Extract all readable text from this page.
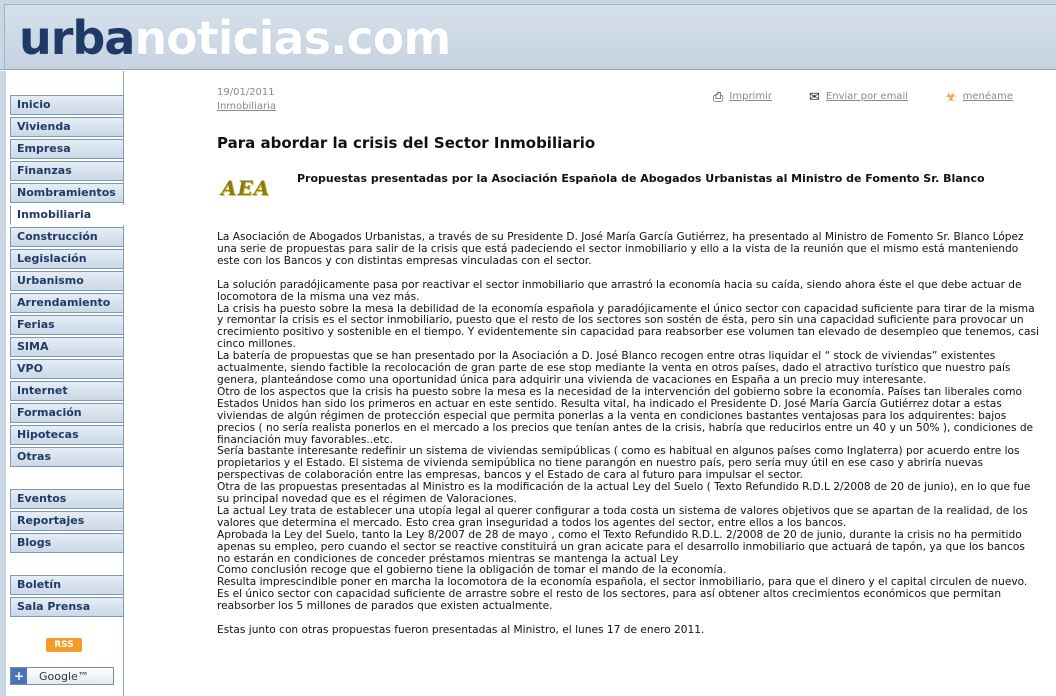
urbanoticias.com
Inicio
Vivienda
Empresa
Finanzas
Nombramientos
Inmobiliaria
Construcción
Legislación
Urbanismo
Arrendamiento
Ferias
SIMA
VPO
Internet
Formación
Hipotecas
Otras
Eventos
Reportajes
Blogs
Boletín
Sala Prensa
RSS
+ Google™
19/01/2011
Inmobiliaria
⎙ Imprimir	✉ Enviar por email	☣ menéame
Para abordar la crisis del Sector Inmobiliario
AEA	Propuestas presentadas por la Asociación Española de Abogados Urbanistas al Ministro de Fomento Sr. Blanco

La Asociación de Abogados Urbanistas, a través de su Presidente D. José María García Gutiérrez, ha presentado al Ministro de Fomento Sr. Blanco López una serie de propuestas para salir de la crisis que está padeciendo el sector inmobiliario y ello a la vista de la reunión que el mismo está manteniendo este con los Bancos y con distintas empresas vinculadas con el sector.

La solución paradójicamente pasa por reactivar el sector inmobiliario que arrastró la economía hacia su caída, siendo ahora éste el que debe actuar de locomotora de la misma una vez más.

La crisis ha puesto sobre la mesa la debilidad de la economía española y paradójicamente el único sector con capacidad suficiente para tirar de la misma y remontar la crisis es el sector inmobiliario, puesto que el resto de los sectores son sostén de ésta, pero sin una capacidad suficiente para provocar un crecimiento positivo y sostenible en el tiempo. Y evidentemente sin capacidad para reabsorber ese volumen tan elevado de desempleo que tenemos, casi cinco millones.

La batería de propuestas que se han presentado por la Asociación a D. José Blanco recogen entre otras liquidar el “ stock de viviendas” existentes actualmente, siendo factible la recolocación de gran parte de ese stop mediante la venta en otros países, dado el atractivo turístico que nuestro país genera, planteándose como una oportunidad única para adquirir una vivienda de vacaciones en España a un precio muy interesante.

Otro de los aspectos que la crisis ha puesto sobre la mesa es la necesidad de la intervención del gobierno sobre la economía. Países tan liberales como Estados Unidos han sido los primeros en actuar en este sentido. Resulta vital, ha indicado el Presidente D. José María García Gutiérrez dotar a estas viviendas de algún régimen de protección especial que permita ponerlas a la venta en condiciones bastantes ventajosas para los adquirentes: bajos precios ( no sería realista ponerlos en el mercado a los precios que tenían antes de la crisis, habría que reducirlos entre un 40 y un 50% ), condiciones de financiación muy favorables..etc.

Sería bastante interesante redefinir un sistema de viviendas semipúblicas ( como es habitual en algunos países como Inglaterra) por acuerdo entre los propietarios y el Estado. El sistema de vivienda semipública no tiene parangón en nuestro país, pero sería muy útil en ese caso y abriría nuevas perspectivas de colaboración entre las empresas, bancos y el Estado de cara al futuro para impulsar el sector.

Otra de las propuestas presentadas al Ministro es la modificación de la actual Ley del Suelo ( Texto Refundido R.D.L 2/2008 de 20 de junio), en lo que fue su principal novedad que es el régimen de Valoraciones.

La actual Ley trata de establecer una utopía legal al querer configurar a toda costa un sistema de valores objetivos que se apartan de la realidad, de los valores que determina el mercado. Esto crea gran inseguridad a todos los agentes del sector, entre ellos a los bancos.

Aprobada la Ley del Suelo, tanto la Ley 8/2007 de 28 de mayo , como el Texto Refundido R.D.L. 2/2008 de 20 de junio, durante la crisis no ha permitido apenas su empleo, pero cuando el sector se reactive constituirá un gran acicate para el desarrollo inmobiliario que actuará de tapón, ya que los bancos no estarán en condiciones de conceder préstamos mientras se mantenga la actual Ley

Como conclusión recoge que el gobierno tiene la obligación de tomar el mando de la economía.

Resulta imprescindible poner en marcha la locomotora de la economía española, el sector inmobiliario, para que el dinero y el capital circulen de nuevo. Es el único sector con capacidad suficiente de arrastre sobre el resto de los sectores, para así obtener altos crecimientos económicos que permitan reabsorber los 5 millones de parados que existen actualmente.

Estas junto con otras propuestas fueron presentadas al Ministro, el lunes 17 de enero 2011.
